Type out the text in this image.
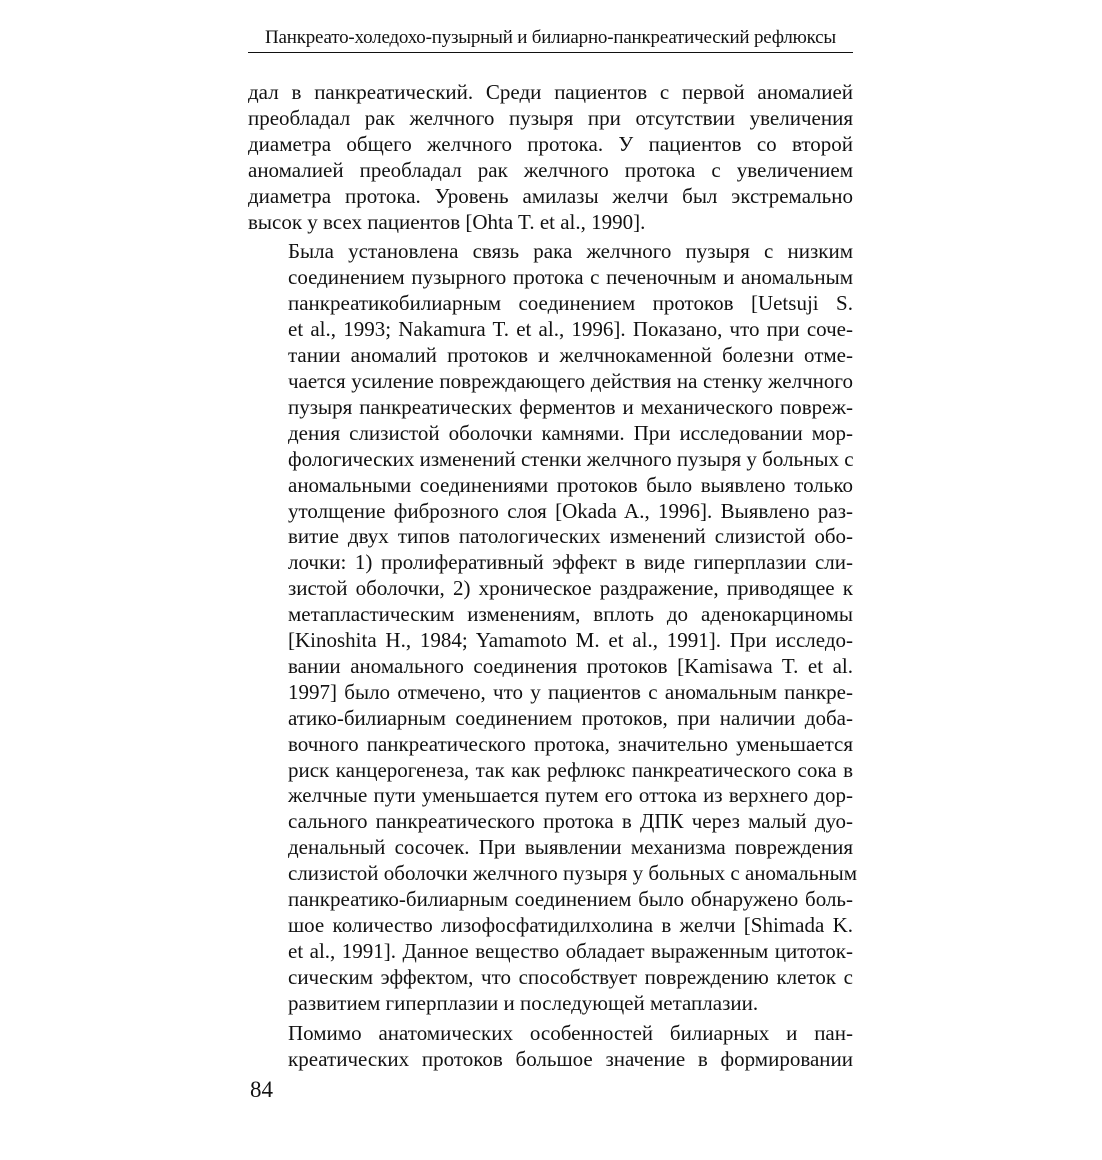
Панкреато-холедохо-пузырный и билиарно-панкреатический рефлюксы
дал в панкреатический. Среди пациентов с первой аномалией
преобладал рак желчного пузыря при отсутствии увеличения
диаметра общего желчного протока. У пациентов со второй
аномалией преобладал рак желчного протока с увеличением
диаметра протока. Уровень амилазы желчи был экстремально
высок у всех пациентов [Ohta T. et al., 1990].
Была установлена связь рака желчного пузыря с низким
соединением пузырного протока с печеночным и аномальным
панкреатикобилиарным соединением протоков [Uetsuji S.
et al., 1993; Nakamura T. et al., 1996]. Показано, что при соче-
тании аномалий протоков и желчнокаменной болезни отме-
чается усиление повреждающего действия на стенку желчного
пузыря панкреатических ферментов и механического повреж-
дения слизистой оболочки камнями. При исследовании мор-
фологических изменений стенки желчного пузыря у больных с
аномальными соединениями протоков было выявлено только
утолщение фиброзного слоя [Okada A., 1996]. Выявлено раз-
витие двух типов патологических изменений слизистой обо-
лочки: 1) пролиферативный эффект в виде гиперплазии сли-
зистой оболочки, 2) хроническое раздражение, приводящее к
метапластическим изменениям, вплоть до аденокарциномы
[Kinoshita H., 1984; Yamamoto M. et al., 1991]. При исследо-
вании аномального соединения протоков [Kamisawa T. et al.
1997] было отмечено, что у пациентов с аномальным панкре-
атико-билиарным соединением протоков, при наличии доба-
вочного панкреатического протока, значительно уменьшается
риск канцерогенеза, так как рефлюкс панкреатического сока в
желчные пути уменьшается путем его оттока из верхнего дор-
сального панкреатического протока в ДПК через малый дуо-
денальный сосочек. При выявлении механизма повреждения
слизистой оболочки желчного пузыря у больных с аномальным
панкреатико-билиарным соединением было обнаружено боль-
шое количество лизофосфатидилхолина в желчи [Shimada K.
et al., 1991]. Данное вещество обладает выраженным цитоток-
сическим эффектом, что способствует повреждению клеток с
развитием гиперплазии и последующей метаплазии.
Помимо анатомических особенностей билиарных и пан-
креатических протоков большое значение в формировании
84
